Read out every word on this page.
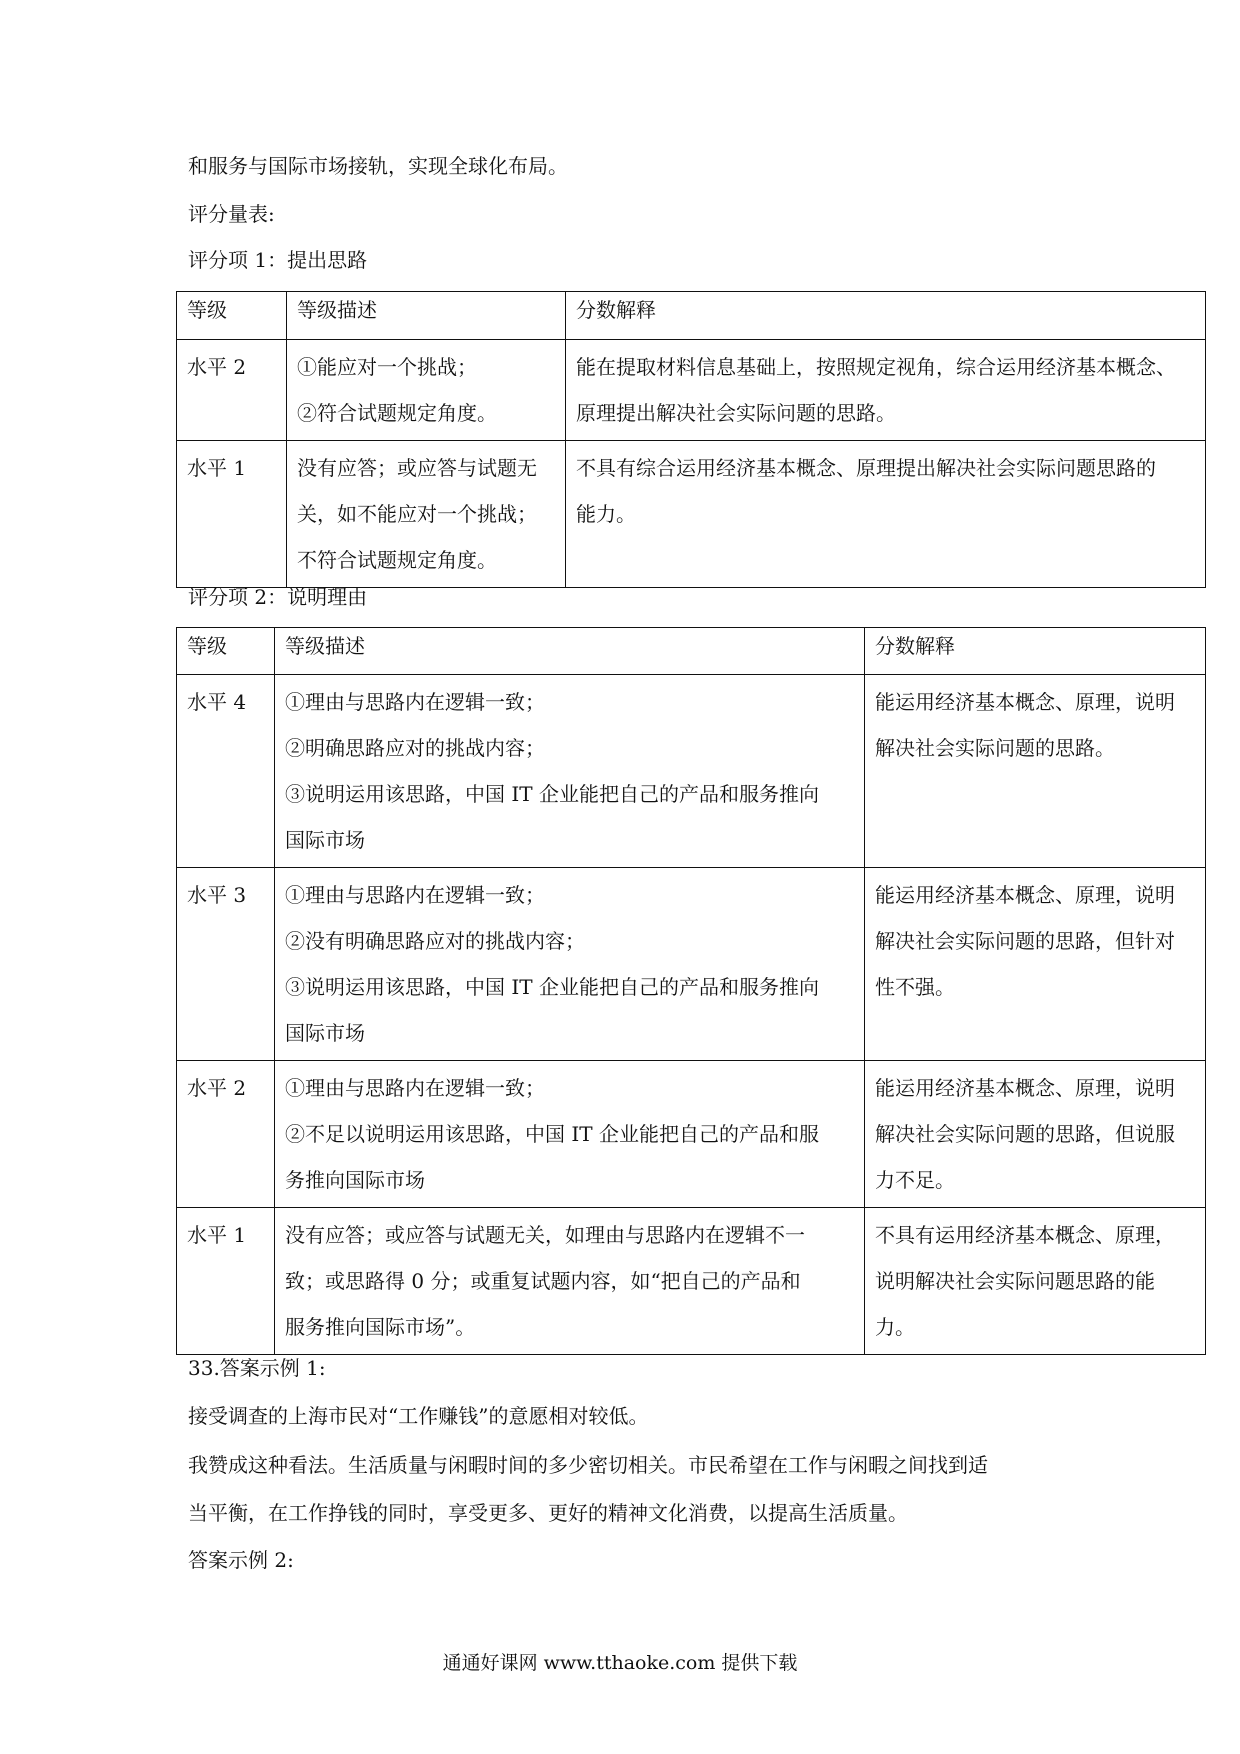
和服务与国际市场接轨，实现全球化布局。
评分量表:
评分项 1：提出思路
等级	等级描述	分数解释
水平 2	①能应对一个挑战；
②符合试题规定角度。	能在提取材料信息基础上，按照规定视角，综合运用经济基本概念、
原理提出解决社会实际问题的思路。

水平 1	没有应答；或应答与试题无
关，如不能应对一个挑战；
不符合试题规定角度。	不具有综合运用经济基本概念、原理提出解决社会实际问题思路的
能力。
评分项 2：说明理由
等级	等级描述	分数解释
水平 4	①理由与思路内在逻辑一致；
②明确思路应对的挑战内容；
③说明运用该思路，中国 IT 企业能把自己的产品和服务推向
国际市场	能运用经济基本概念、原理，说明
解决社会实际问题的思路。

水平 3	①理由与思路内在逻辑一致；
②没有明确思路应对的挑战内容；
③说明运用该思路，中国 IT 企业能把自己的产品和服务推向
国际市场	能运用经济基本概念、原理，说明
解决社会实际问题的思路，但针对
性不强。

水平 2	①理由与思路内在逻辑一致；
②不足以说明运用该思路，中国 IT 企业能把自己的产品和服
务推向国际市场	能运用经济基本概念、原理，说明
解决社会实际问题的思路，但说服
力不足。

水平 1	没有应答；或应答与试题无关，如理由与思路内在逻辑不一
致；或思路得 0 分；或重复试题内容，如“把自己的产品和
服务推向国际市场”。	不具有运用经济基本概念、原理，
说明解决社会实际问题思路的能
力。
33.答案示例 1:
接受调查的上海市民对“工作赚钱”的意愿相对较低。
我赞成这种看法。生活质量与闲暇时间的多少密切相关。市民希望在工作与闲暇之间找到适
当平衡，在工作挣钱的同时，享受更多、更好的精神文化消费，以提高生活质量。
答案示例 2:
通通好课网 www.tthaoke.com 提供下载
